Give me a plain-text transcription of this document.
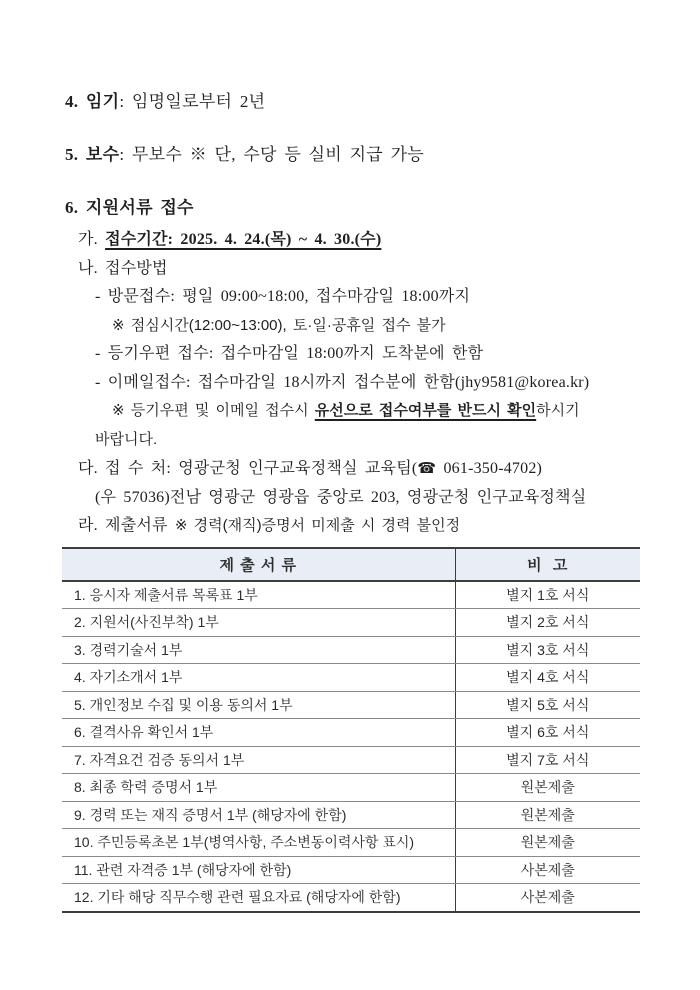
4. 임기: 임명일로부터 2년
5. 보수: 무보수 ※ 단, 수당 등 실비 지급 가능
6. 지원서류 접수
가. 접수기간: 2025. 4. 24.(목) ~ 4. 30.(수)
나. 접수방법
- 방문접수: 평일 09:00~18:00, 접수마감일 18:00까지
※ 점심시간(12:00~13:00), 토·일·공휴일 접수 불가
- 등기우편 접수: 접수마감일 18:00까지 도착분에 한함
- 이메일접수: 접수마감일 18시까지 접수분에 한함(jhy9581@korea.kr)
※ 등기우편 및 이메일 접수시 유선으로 접수여부를 반드시 확인하시기
바랍니다.
다. 접 수 처: 영광군청 인구교육정책실 교육팀(☎ 061-350-4702)
(우 57036)전남 영광군 영광읍 중앙로 203, 영광군청 인구교육정책실
라. 제출서류 ※ 경력(재직)증명서 미제출 시 경력 불인정
제 출 서 류	비  고
1. 응시자 제출서류 목록표 1부	별지 1호 서식
2. 지원서(사진부착) 1부	별지 2호 서식
3. 경력기술서 1부	별지 3호 서식
4. 자기소개서 1부	별지 4호 서식
5. 개인정보 수집 및 이용 동의서 1부	별지 5호 서식
6. 결격사유 확인서 1부	별지 6호 서식
7. 자격요건 검증 동의서 1부	별지 7호 서식
8. 최종 학력 증명서 1부	원본제출
9. 경력 또는 재직 증명서 1부 (해당자에 한함)	원본제출
10. 주민등록초본 1부(병역사항, 주소변동이력사항 표시)	원본제출
11. 관련 자격증 1부 (해당자에 한함)	사본제출
12. 기타 해당 직무수행 관련 필요자료 (해당자에 한함)	사본제출
